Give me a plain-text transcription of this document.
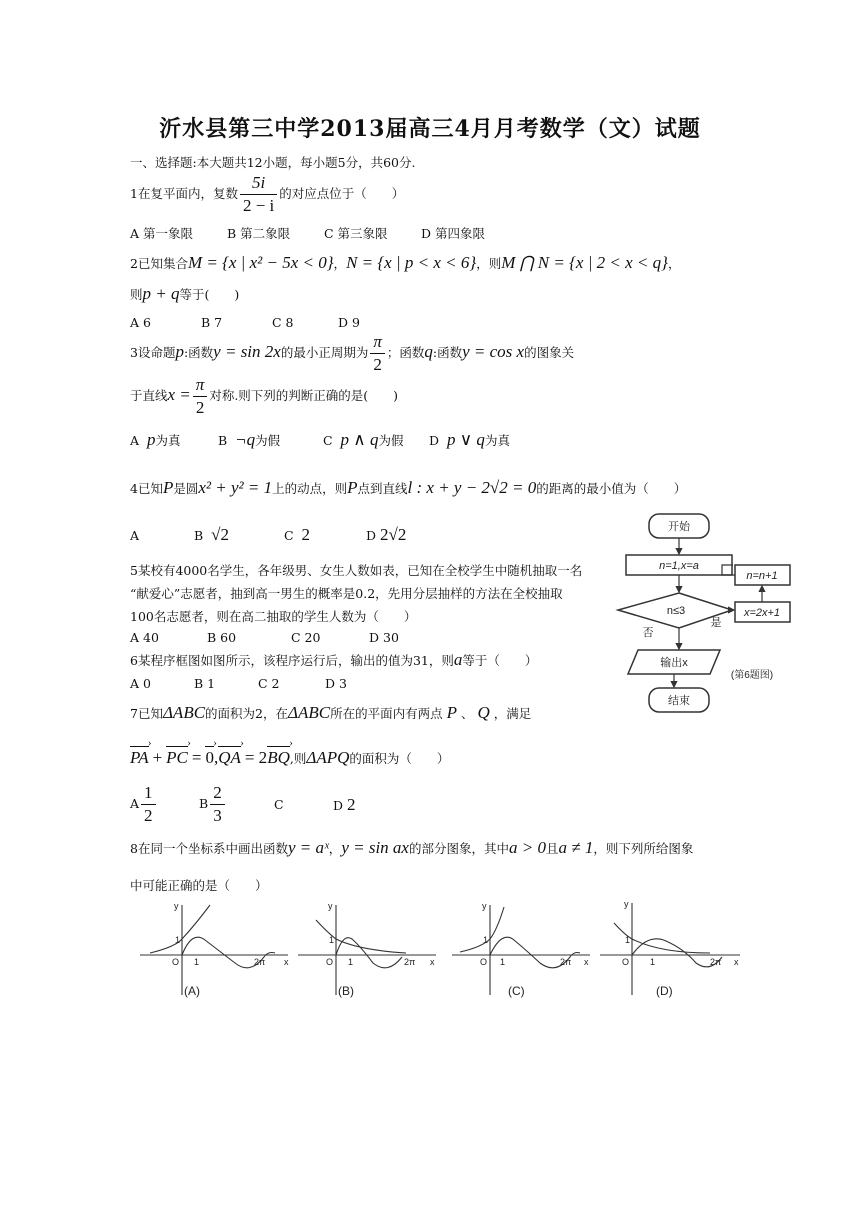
沂水县第三中学2013届高三4月月考数学（文）试题
一、选择题:本大题共12小题，每小题5分，共60分.
1在复平面内，复数 $\frac{5i}{2 - i}$ 的对应点位于（　　）
A 第一象限	B 第二象限	C 第三象限	D 第四象限
2已知集合M = {x | x² − 5x < 0}，N = {x | p < x < 6}，则M ⋂ N = {x | 2 < x < q}，
则p + q等于(　　)
A 6	B 7	C 8	D 9
3设命题p:函数y = sin 2x的最小正周期为 $\frac{\pi}{2}$ ；函数q:函数y = cos x的图象关
于直线$x = \frac{\pi}{2}$ 对称.则下列的判断正确的是(　　)
A p为真	B ¬q为假	C p ∧ q为假 D p ∨ q为真
4已知P是圆x² + y² = 1上的动点，则P点到直线l : x + y − 2√2 = 0的距离的最小值为（　　）
A	B √2	C 2	D 2√2
5某校有4000名学生，各年级男、女生人数如表，已知在全校学生中随机抽取一名
“献爱心”志愿者，抽到高一男生的概率是0.2，先用分层抽样的方法在全校抽取
100名志愿者，则在高二抽取的学生人数为（　　）
A 40	B 60	C 20	D 30
6某程序框图如图所示，该程序运行后，输出的值为31，则a等于（　　）
A 0	B 1	C 2	D 3
7已知ΔABC的面积为2，在ΔABC所在的平面内有两点 P 、 Q ，满足
PA › + PC › = 0 ›,QA › = 2BQ ›,则ΔAPQ的面积为（　　）
A $\frac{1}{2}$	B $\frac{2}{3}$	C	D 2
8在同一个坐标系中画出函数y = aˣ，y = sin ax的部分图象，其中a > 0且a ≠ 1，则下列所给图象
中可能正确的是（　　）
开始
n=1,x=a
n≤3
n=n+1
x=2x+1
是
否
输出x
结束
(第6题图)
y
x
O
1
1	2π
(A)
y
x
O
1
1	2π
(B)
y
x
O
1
1	2π
(C)
y
x
O
1
1	2π
(D)
